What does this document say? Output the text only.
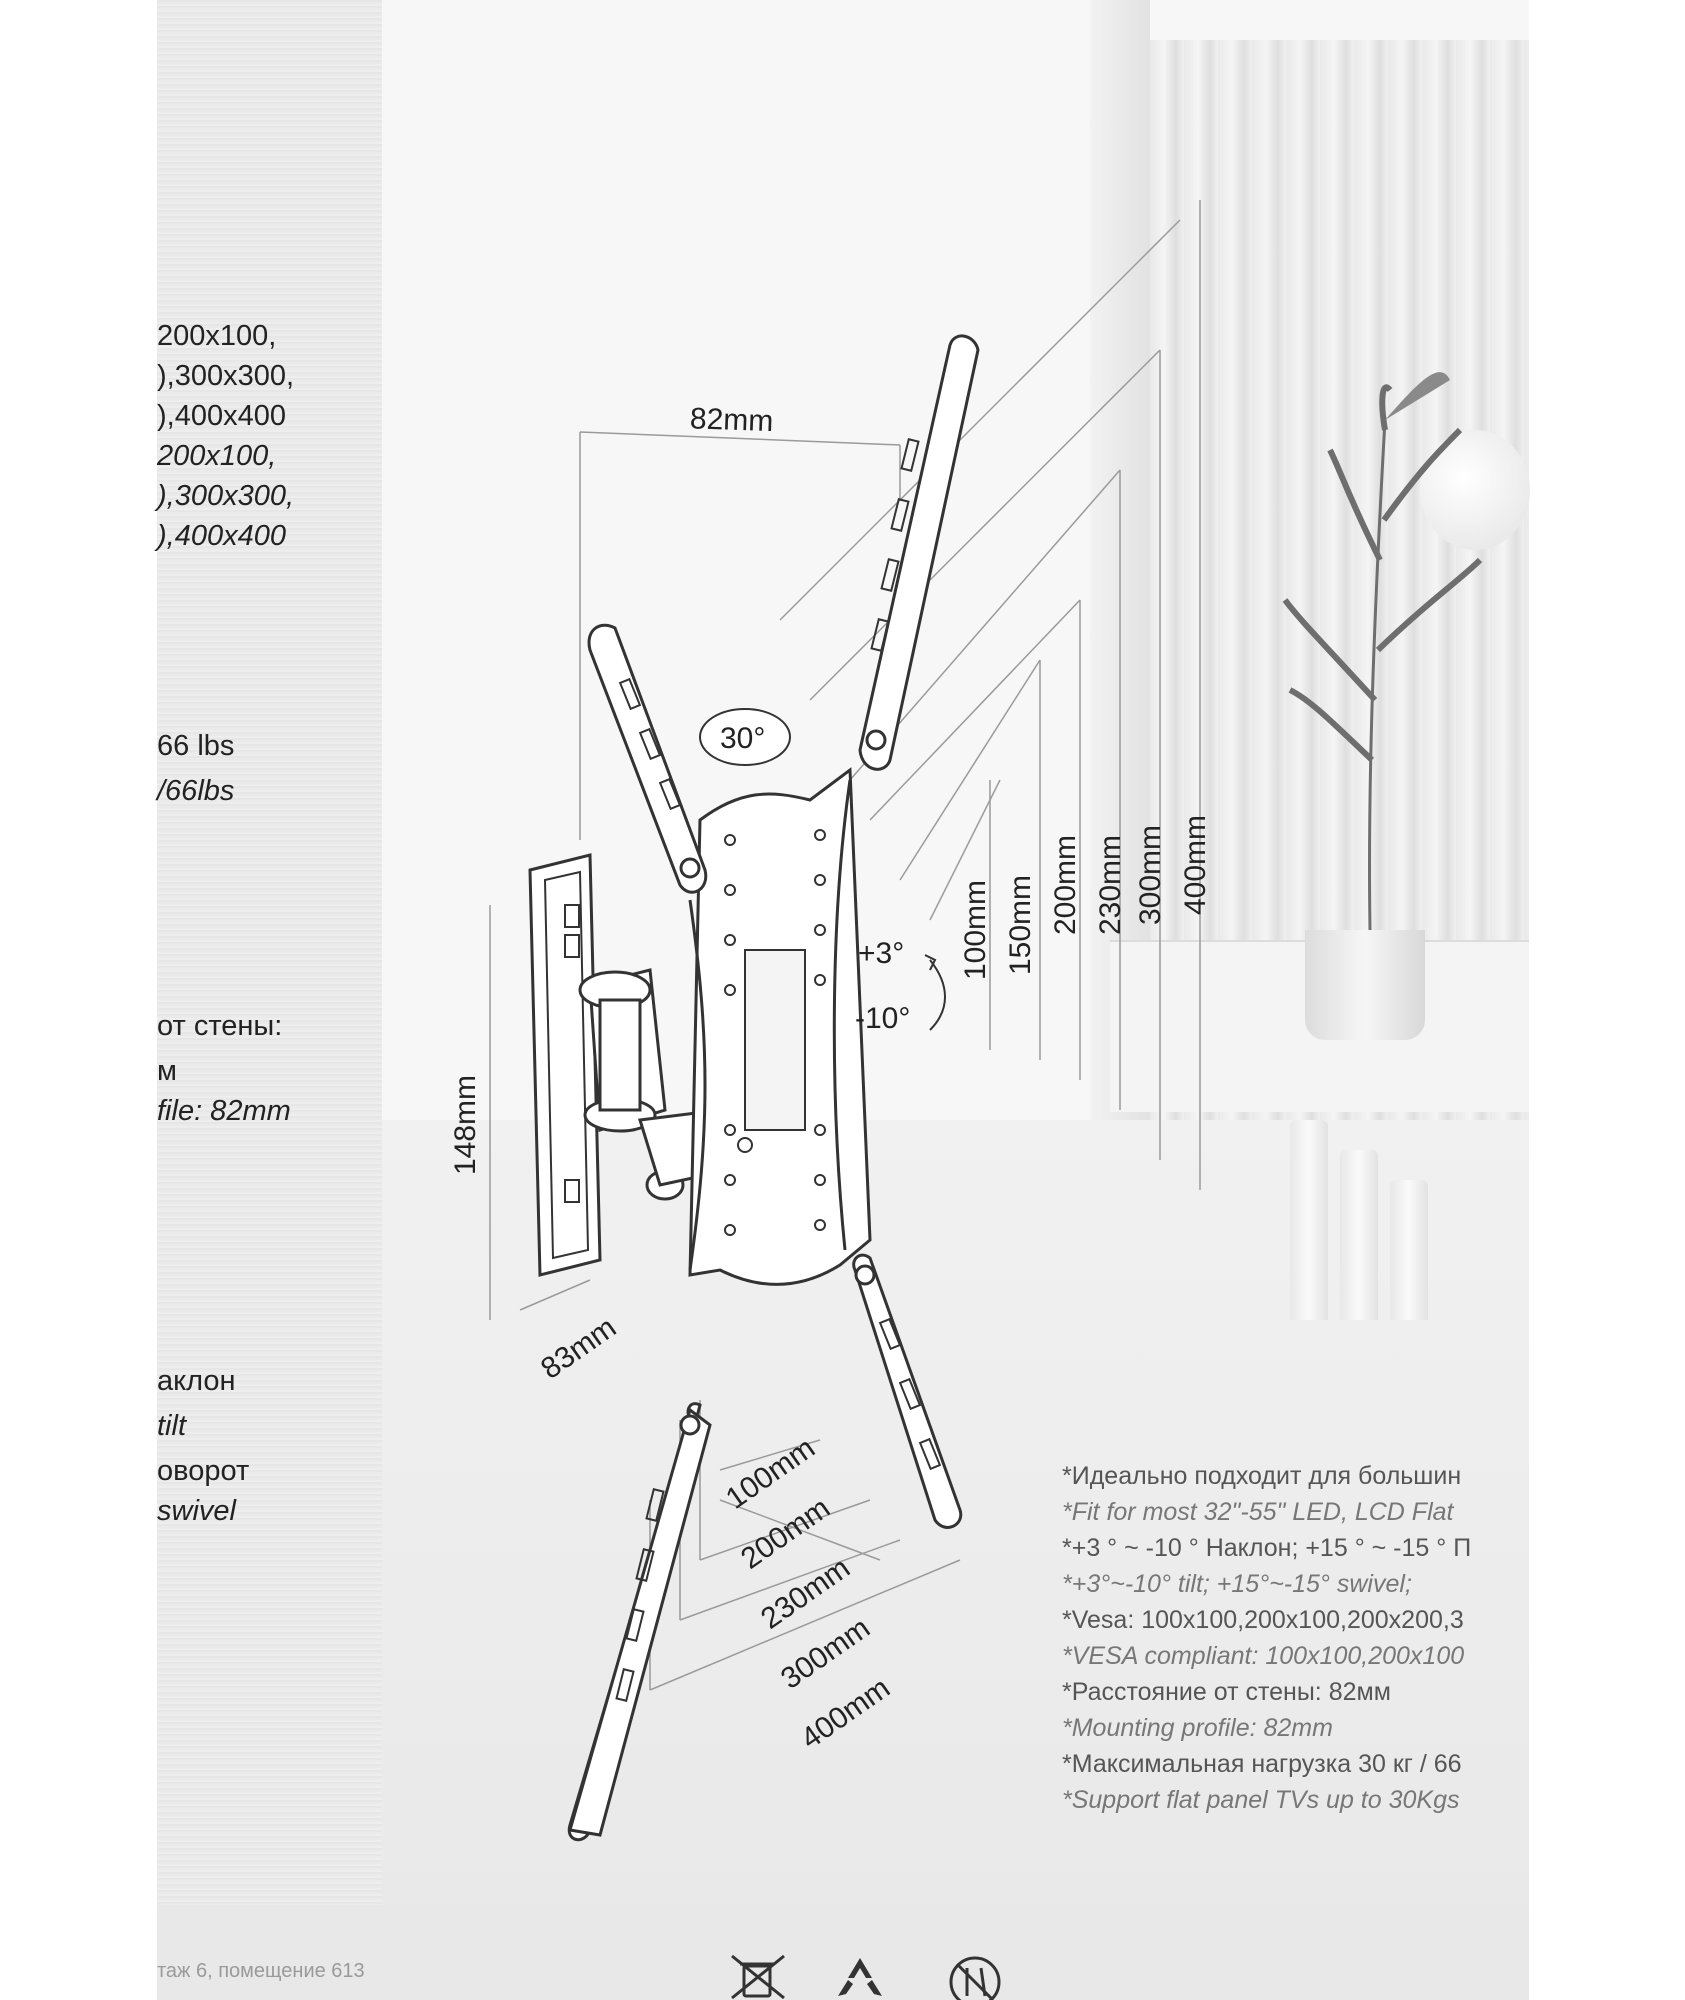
82mm
30°
+3°
-10°
100mm 150mm 200mm 230mm 300mm 400mm
100mm
200mm
230mm
300mm
400mm
148mm
83mm
200x100,
),300x300,
),400x400
200x100,
),300x300,
),400x400
66 lbs
/66lbs
от стены:
м
file: 82mm
аклон
tilt
оворот
swivel
*Идеально подходит для большин
*Fit for most 32"-55" LED, LCD Flat
*+3 ° ~ -10 ° Наклон; +15 ° ~ -15 ° П
*+3°~-10° tilt; +15°~-15° swivel;
*Vesa: 100x100,200x100,200x200,3
*VESA compliant: 100x100,200x100
*Расстояние от стены: 82мм
*Mounting profile: 82mm
*Максимальная нагрузка 30 кг / 66
*Support flat panel TVs up to 30Kgs
таж 6, помещение 613
